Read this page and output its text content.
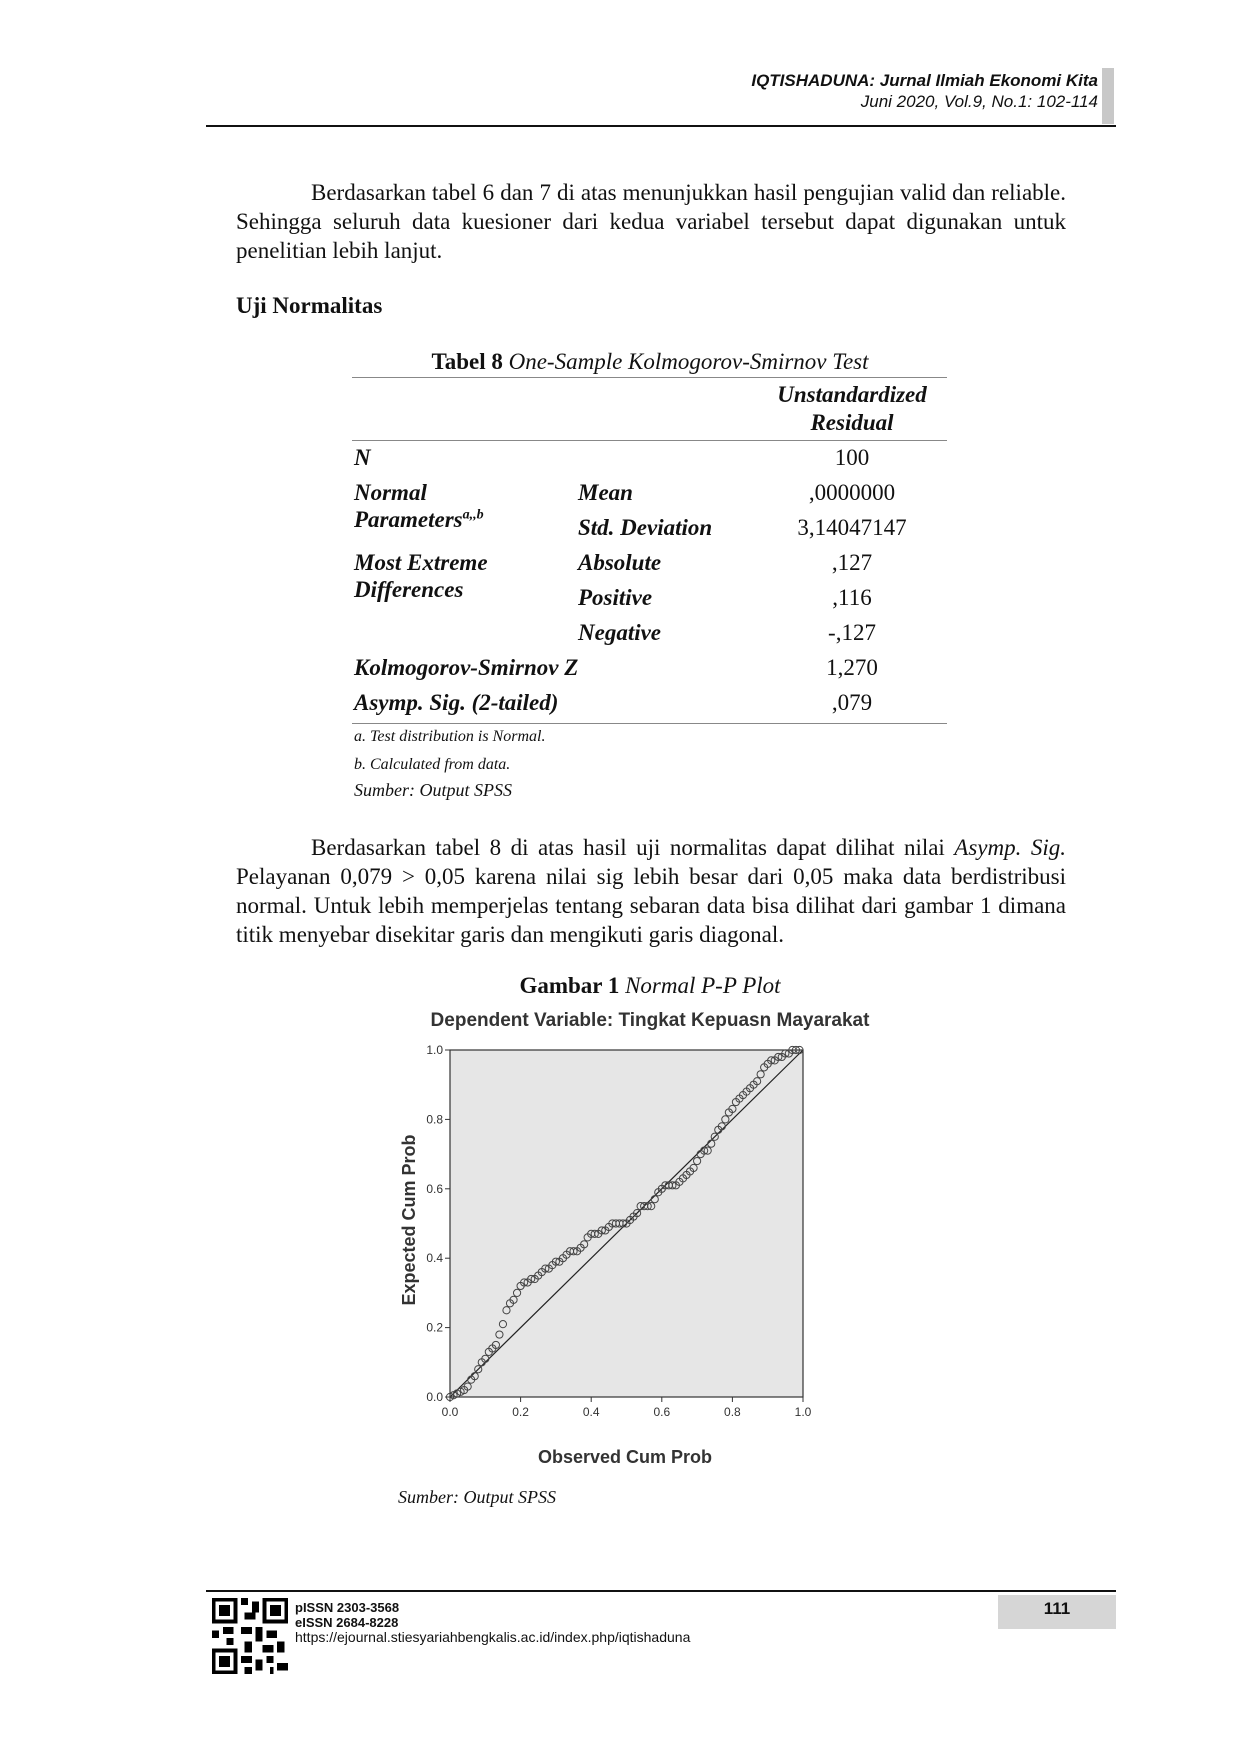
IQTISHADUNA: Jurnal Ilmiah Ekonomi Kita
Juni 2020, Vol.9, No.1: 102-114
Berdasarkan tabel 6 dan 7 di atas menunjukkan hasil pengujian valid dan reliable. Sehingga seluruh data kuesioner dari kedua variabel tersebut dapat digunakan untuk penelitian lebih lanjut.
Uji Normalitas
Tabel 8 One-Sample Kolmogorov-Smirnov Test
Unstandardized
Residual
N	100
Normal
Parameters$^{a,,b}$
Mean	,0000000
Std. Deviation	3,14047147
Most Extreme
Differences
Absolute	,127
Positive	,116
Negative	-,127
Kolmogorov-Smirnov Z	1,270
Asymp. Sig. (2-tailed)	,079
a. Test distribution is Normal.
b. Calculated from data.
Sumber: Output SPSS
Berdasarkan tabel 8 di atas hasil uji normalitas dapat dilihat nilai Asymp. Sig. Pelayanan 0,079 > 0,05 karena nilai sig lebih besar dari 0,05 maka data berdistribusi normal. Untuk lebih memperjelas tentang sebaran data bisa dilihat dari gambar 1 dimana titik menyebar disekitar garis dan mengikuti garis diagonal.
Gambar 1 Normal P-P Plot
Dependent Variable: Tingkat Kepuasn Mayarakat
0.0	0.2	0.4	0.6	0.8	1.0
0.0
0.2
0.4
0.6
0.8
1.0
Observed Cum Prob
Expected Cum Prob
Sumber: Output SPSS
pISSN 2303-3568
eISSN 2684-8228
https://ejournal.stiesyariahbengkalis.ac.id/index.php/iqtishaduna
111
